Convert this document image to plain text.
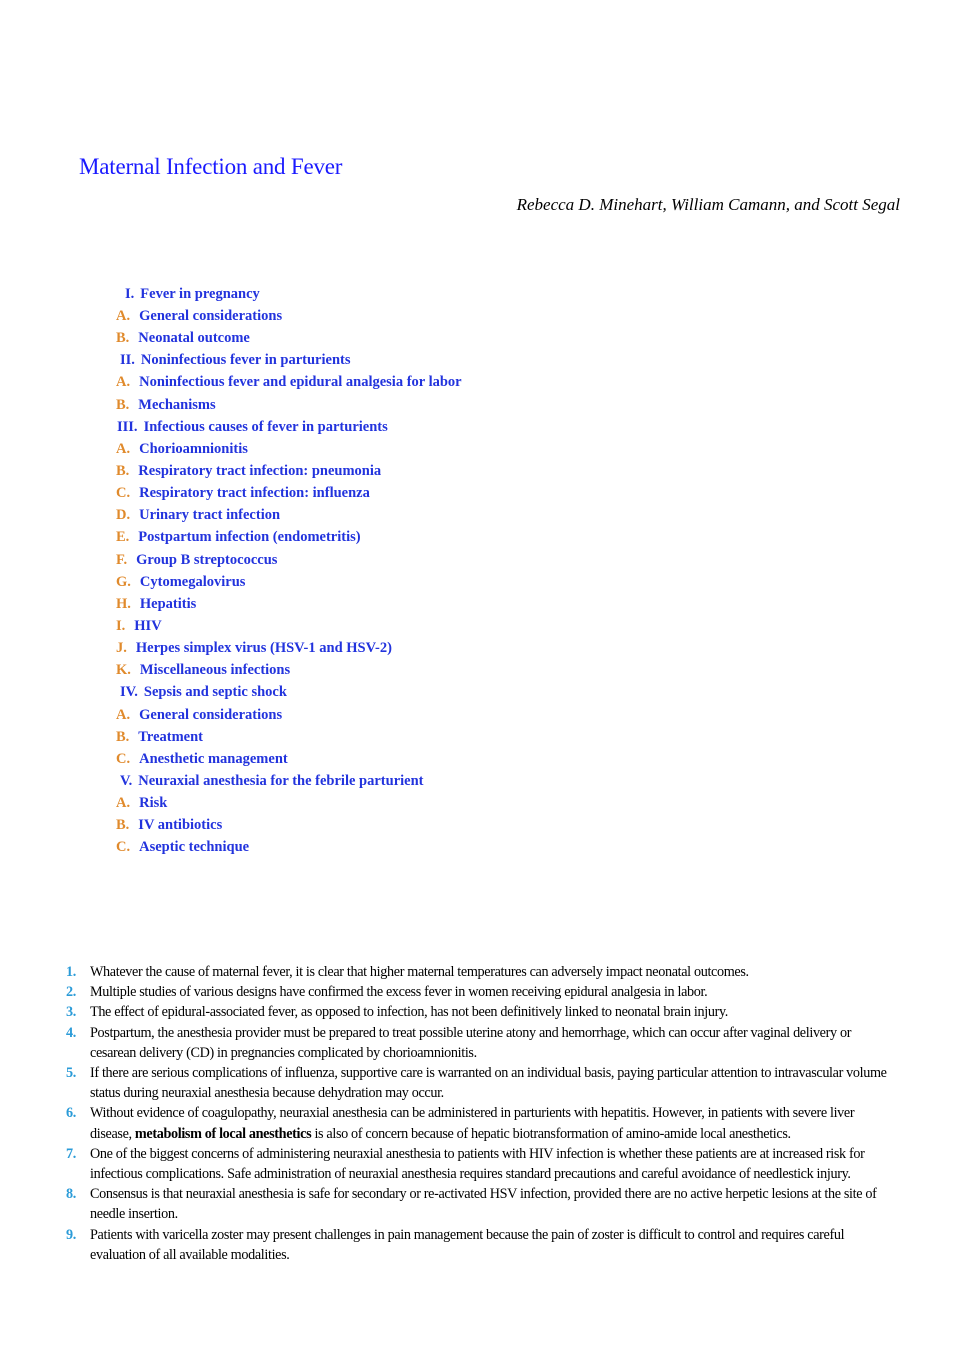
Maternal Infection and Fever
Rebecca D. Minehart, William Camann, and Scott Segal
I. Fever in pregnancy
A. General considerations
B. Neonatal outcome
II. Noninfectious fever in parturients
A. Noninfectious fever and epidural analgesia for labor
B. Mechanisms
III. Infectious causes of fever in parturients
A. Chorioamnionitis
B. Respiratory tract infection: pneumonia
C. Respiratory tract infection: influenza
D. Urinary tract infection
E. Postpartum infection (endometritis)
F. Group B streptococcus
G. Cytomegalovirus
H. Hepatitis
I. HIV
J. Herpes simplex virus (HSV-1 and HSV-2)
K. Miscellaneous infections
IV. Sepsis and septic shock
A. General considerations
B. Treatment
C. Anesthetic management
V. Neuraxial anesthesia for the febrile parturient
A. Risk
B. IV antibiotics
C. Aseptic technique
1. Whatever the cause of maternal fever, it is clear that higher maternal temperatures can adversely impact neonatal outcomes.
2. Multiple studies of various designs have confirmed the excess fever in women receiving epidural analgesia in labor.
3. The effect of epidural-associated fever, as opposed to infection, has not been definitively linked to neonatal brain injury.
4. Postpartum, the anesthesia provider must be prepared to treat possible uterine atony and hemorrhage, which can occur after vaginal delivery or cesarean delivery (CD) in pregnancies complicated by chorioamnionitis.
5. If there are serious complications of influenza, supportive care is warranted on an individual basis, paying particular attention to intravascular volume status during neuraxial anesthesia because dehydration may occur.
6. Without evidence of coagulopathy, neuraxial anesthesia can be administered in parturients with hepatitis. However, in patients with severe liver disease, metabolism of local anesthetics is also of concern because of hepatic biotransformation of amino-amide local anesthetics.
7. One of the biggest concerns of administering neuraxial anesthesia to patients with HIV infection is whether these patients are at increased risk for infectious complications. Safe administration of neuraxial anesthesia requires standard precautions and careful avoidance of needlestick injury.
8. Consensus is that neuraxial anesthesia is safe for secondary or re-activated HSV infection, provided there are no active herpetic lesions at the site of needle insertion.
9. Patients with varicella zoster may present challenges in pain management because the pain of zoster is difficult to control and requires careful evaluation of all available modalities.
